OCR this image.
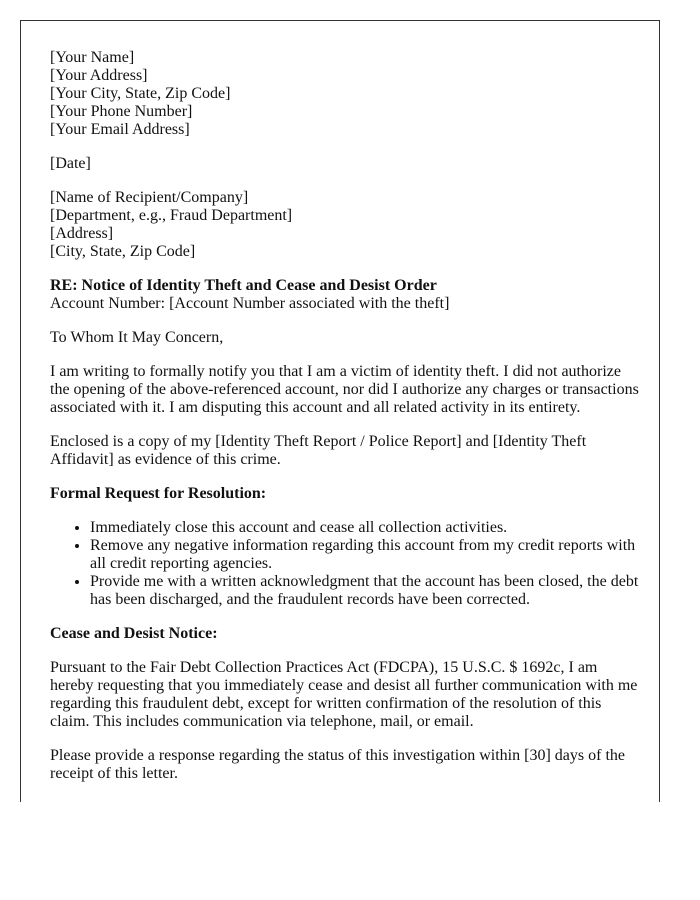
[Your Name]
[Your Address]
[Your City, State, Zip Code]
[Your Phone Number]
[Your Email Address]
[Date]
[Name of Recipient/Company]
[Department, e.g., Fraud Department]
[Address]
[City, State, Zip Code]
RE: Notice of Identity Theft and Cease and Desist Order
Account Number: [Account Number associated with the theft]

To Whom It May Concern,

I am writing to formally notify you that I am a victim of identity theft. I did not authorize the opening of the above-referenced account, nor did I authorize any charges or transactions associated with it. I am disputing this account and all related activity in its entirety.

Enclosed is a copy of my [Identity Theft Report / Police Report] and [Identity Theft Affidavit] as evidence of this crime.

Formal Request for Resolution:
• Immediately close this account and cease all collection activities.
• Remove any negative information regarding this account from my credit reports with all credit reporting agencies.
• Provide me with a written acknowledgment that the account has been closed, the debt has been discharged, and the fraudulent records have been corrected.
Cease and Desist Notice:

Pursuant to the Fair Debt Collection Practices Act (FDCPA), 15 U.S.C. $ 1692c, I am hereby requesting that you immediately cease and desist all further communication with me regarding this fraudulent debt, except for written confirmation of the resolution of this claim. This includes communication via telephone, mail, or email.

Please provide a response regarding the status of this investigation within [30] days of the receipt of this letter.
